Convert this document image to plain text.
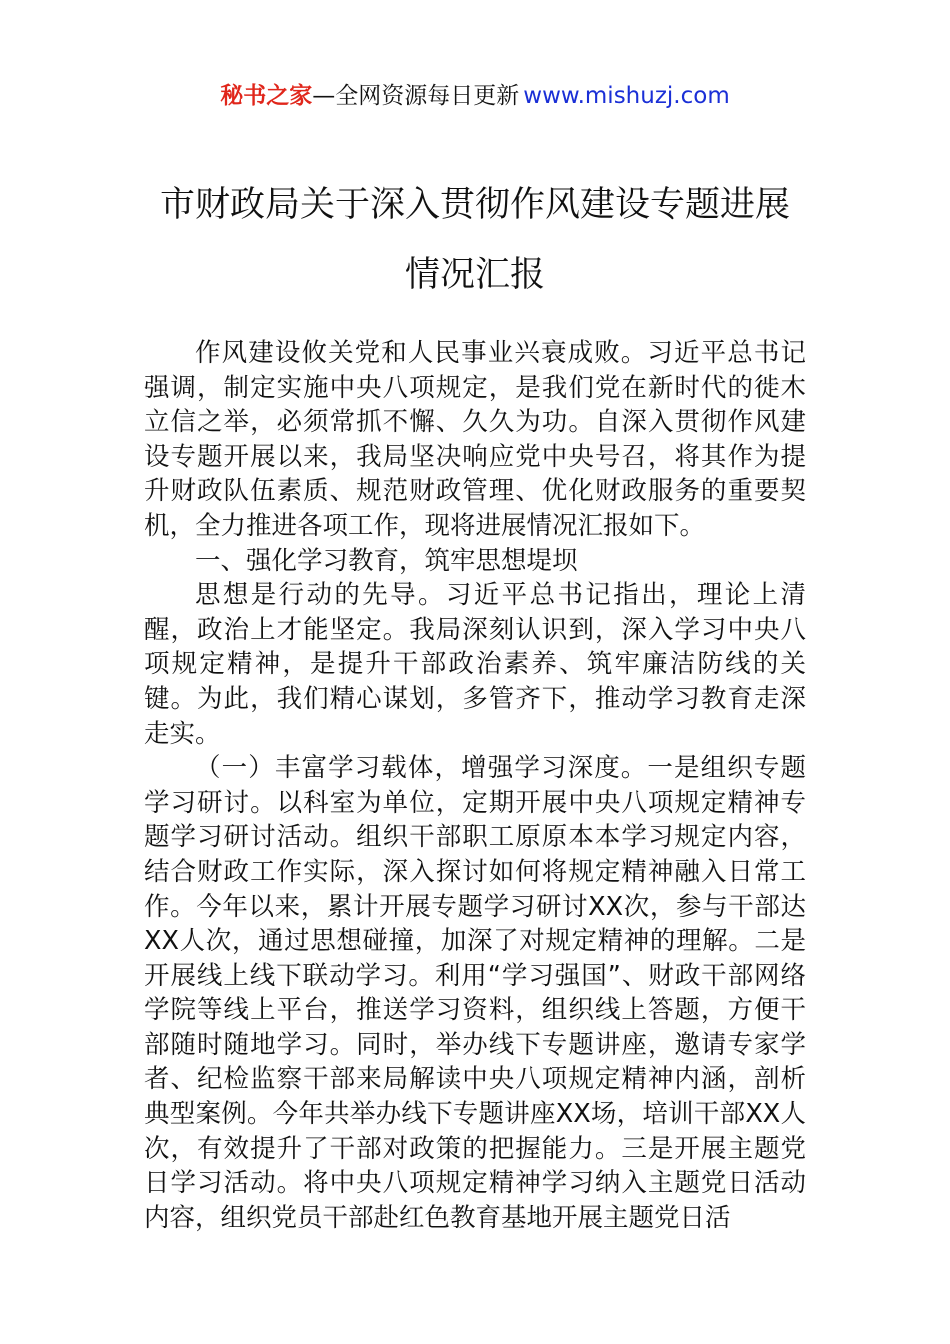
秘书之家—全网资源每日更新 www.mishuzj.com
市财政局关于深入贯彻作风建设专题进展
情况汇报

作风建设攸关党和人民事业兴衰成败。习近平总书记强调，制定实施中央八项规定，是我们党在新时代的徙木立信之举，必须常抓不懈、久久为功。自深入贯彻作风建设专题开展以来，我局坚决响应党中央号召，将其作为提升财政队伍素质、规范财政管理、优化财政服务的重要契机，全力推进各项工作，现将进展情况汇报如下。

一、强化学习教育，筑牢思想堤坝

思想是行动的先导。习近平总书记指出，理论上清醒，政治上才能坚定。我局深刻认识到，深入学习中央八项规定精神，是提升干部政治素养、筑牢廉洁防线的关键。为此，我们精心谋划，多管齐下，推动学习教育走深走实。

（一）丰富学习载体，增强学习深度。一是组织专题学习研讨。以科室为单位，定期开展中央八项规定精神专题学习研讨活动。组织干部职工原原本本学习规定内容，结合财政工作实际，深入探讨如何将规定精神融入日常工作。今年以来，累计开展专题学习研讨XX次，参与干部达XX人次，通过思想碰撞，加深了对规定精神的理解。二是开展线上线下联动学习。利用“学习强国”、财政干部网络学院等线上平台，推送学习资料，组织线上答题，方便干部随时随地学习。同时，举办线下专题讲座，邀请专家学者、纪检监察干部来局解读中央八项规定精神内涵，剖析典型案例。今年共举办线下专题讲座XX场，培训干部XX人次，有效提升了干部对政策的把握能力。三是开展主题党日学习活动。将中央八项规定精神学习纳入主题党日活动内容，组织党员干部赴红色教育基地开展主题党日活
